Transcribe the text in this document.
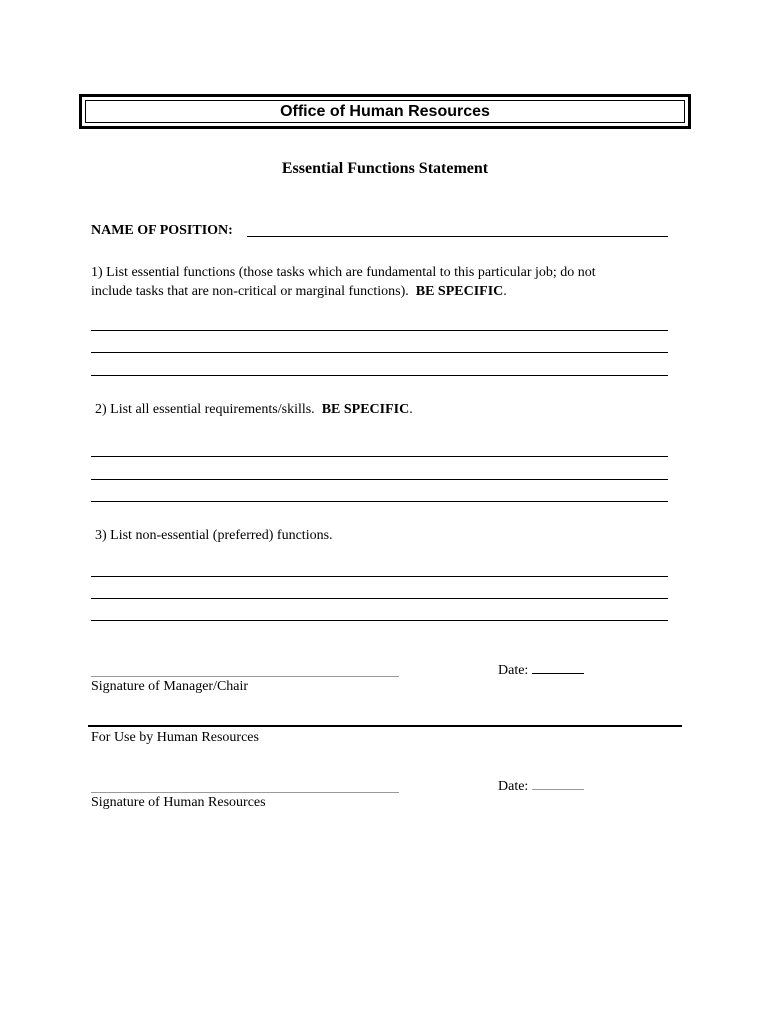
Office of Human Resources
Essential Functions Statement
NAME OF POSITION:
1) List essential functions (those tasks which are fundamental to this particular job; do not
include tasks that are non-critical or marginal functions). BE SPECIFIC.
2) List all essential requirements/skills. BE SPECIFIC.
3) List non-essential (preferred) functions.
Date:
Signature of Manager/Chair
For Use by Human Resources
Date:
Signature of Human Resources
